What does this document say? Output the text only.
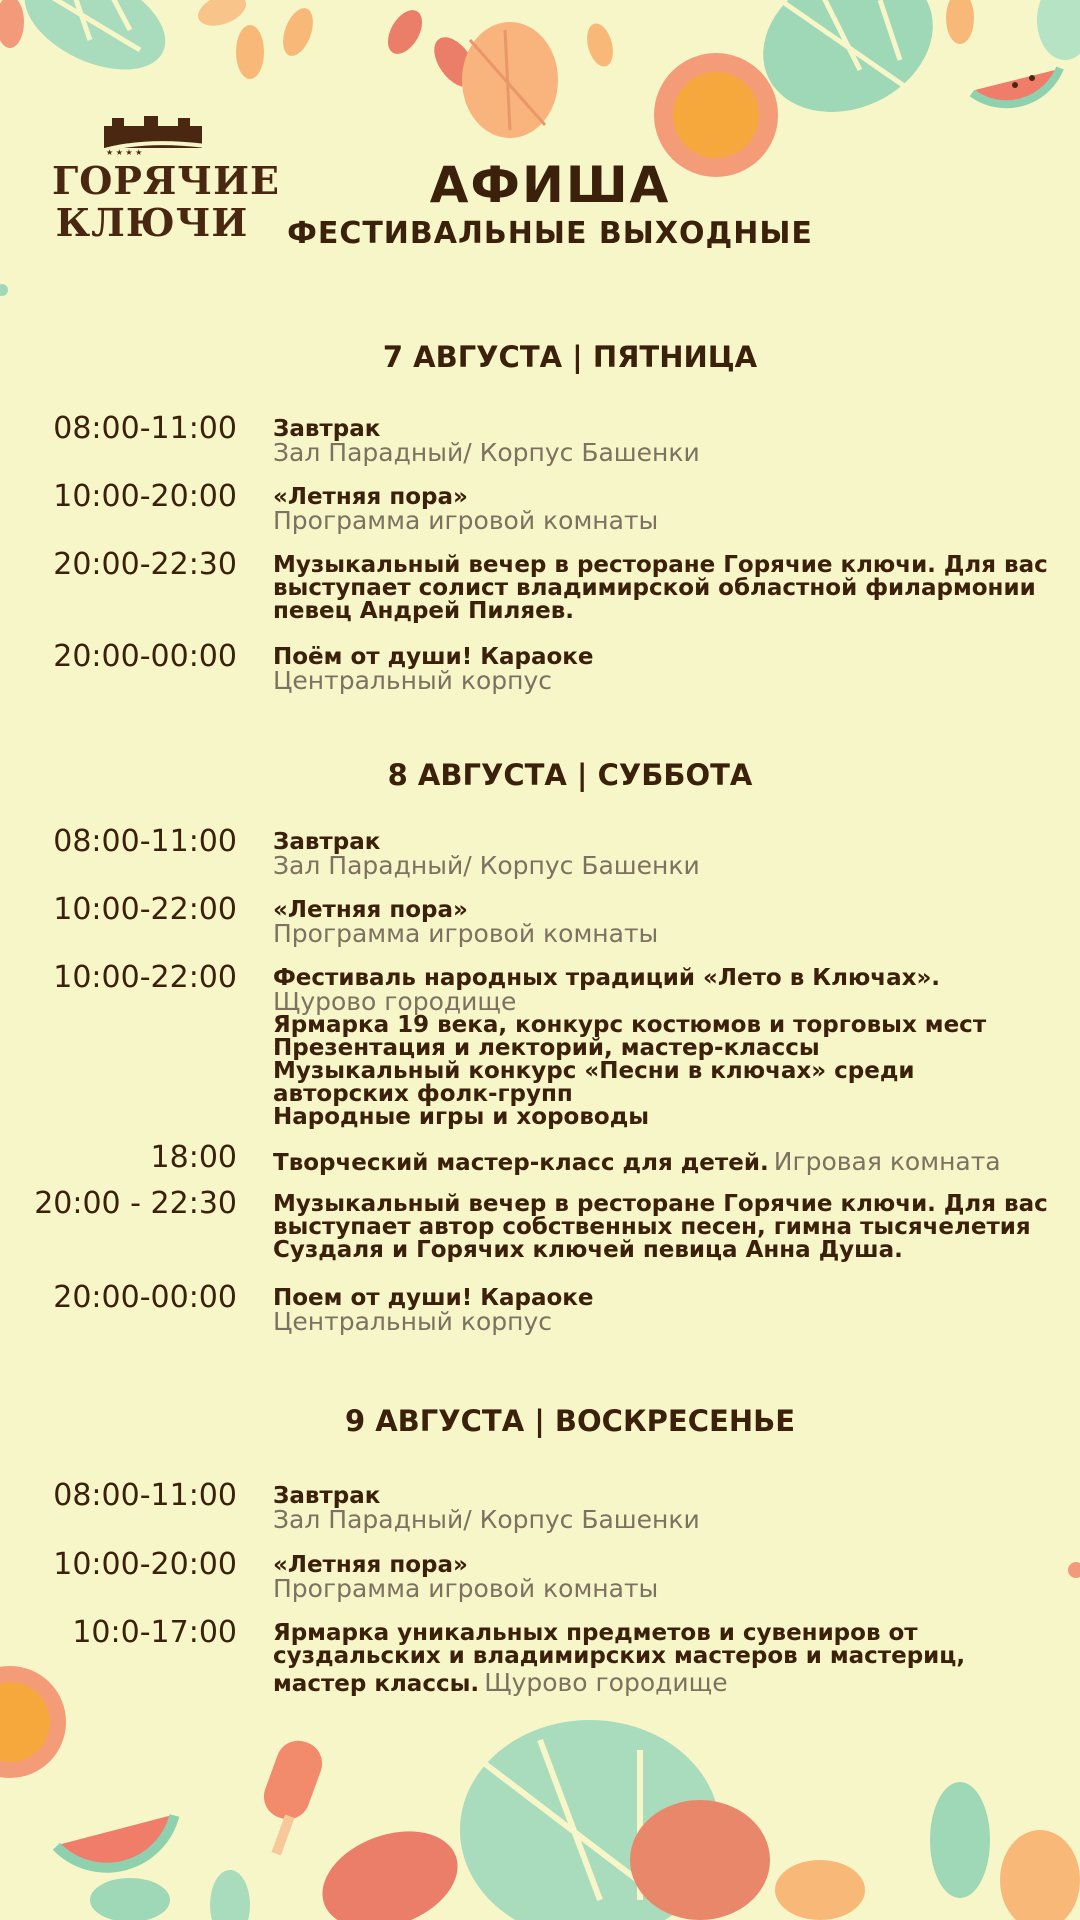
★ ★ ★ ★
ГОРЯЧИЕ
КЛЮЧИ
АФИША
ФЕСТИВАЛЬНЫЕ ВЫХОДНЫЕ
7 АВГУСТА | ПЯТНИЦА
08:00-11:00 Завтрак
Зал Парадный/ Корпус Башенки
10:00-20:00 «Летняя пора»
Программа игровой комнаты
20:00-22:30 Музыкальный вечер в ресторане Горячие ключи. Для вас
выступает солист владимирской областной филармонии
певец Андрей Пиляев.
20:00-00:00 Поём от души! Караоке
Центральный корпус
8 АВГУСТА | СУББОТА
08:00-11:00 Завтрак
Зал Парадный/ Корпус Башенки
10:00-22:00 «Летняя пора»
Программа игровой комнаты
10:00-22:00 Фестиваль народных традиций «Лето в Ключах».
Щурово городище
Ярмарка 19 века, конкурс костюмов и торговых мест
Презентация и лекторий, мастер-классы
Музыкальный конкурс «Песни в ключах» среди
авторских фолк-групп
Народные игры и хороводы
18:00 Творческий мастер-класс для детей. Игровая комната
20:00 - 22:30 Музыкальный вечер в ресторане Горячие ключи. Для вас
выступает автор собственных песен, гимна тысячелетия
Суздаля и Горячих ключей певица Анна Душа.
20:00-00:00 Поем от души! Караоке
Центральный корпус
9 АВГУСТА | ВОСКРЕСЕНЬЕ
08:00-11:00 Завтрак
Зал Парадный/ Корпус Башенки
10:00-20:00 «Летняя пора»
Программа игровой комнаты
10:0-17:00 Ярмарка уникальных предметов и сувениров от
суздальских и владимирских мастеров и мастериц,
мастер классы. Щурово городище
